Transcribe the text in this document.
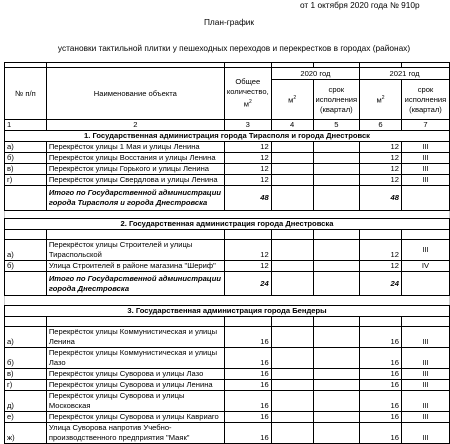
от 1 октября 2020 года № 910р
План-график
установки тактильной плитки у пешеходных переходов и перекрестков в городах (районах)

№ п/п	Наименование объекта	Общее количество, $м^2$	2020 год		2021 год	
			$м^2$	срок исполнения (квартал)	$м^2$	срок исполнения (квартал)
1	2	3	4	5	6	7
1. Государственная администрация города Тирасполя и города Днестровск						
а)	Перекрёсток улицы 1 Мая и улицы Ленина	12			12	III
б)	Перекрёсток улицы Восстания и улицы Ленина	12			12	III
в)	Перекрёсток улицы Горького и улицы Ленина	12			12	III
г)	Перекрёсток улицы Свердлова и улицы Ленина	12			12	III
	Итого по Государственной администрации города Тирасполя и города Днестровска	48			48	

2. Государственная администрация города Днестровска						

а)	Перекрёсток улицы Строителей и улицы Тираспольской	12			12	III
б)	Улица Строителей в районе магазина "Шериф"	12			12	IV
	Итого по Государственной администрации города Днестровска	24			24	

3. Государственная администрация города Бендеры						

а)	Перекрёсток улицы Коммунистическая и улицы Ленина	16			16	III
б)	Перекрёсток улицы Коммунистическая и улицы Лазо	16			16	III
в)	Перекрёсток улицы Суворова и улицы Лазо	16			16	III
г)	Перекрёсток улицы Суворова и улицы Ленина	16			16	III
д)	Перекрёсток улицы Суворова и улицы Московская	16			16	III
е)	Перекрёсток улицы Суворова и улицы Кавриаго	16			16	III
ж)	Улица Суворова напротив Учебно-производственного предприятия "Маяк"	16			16	III
